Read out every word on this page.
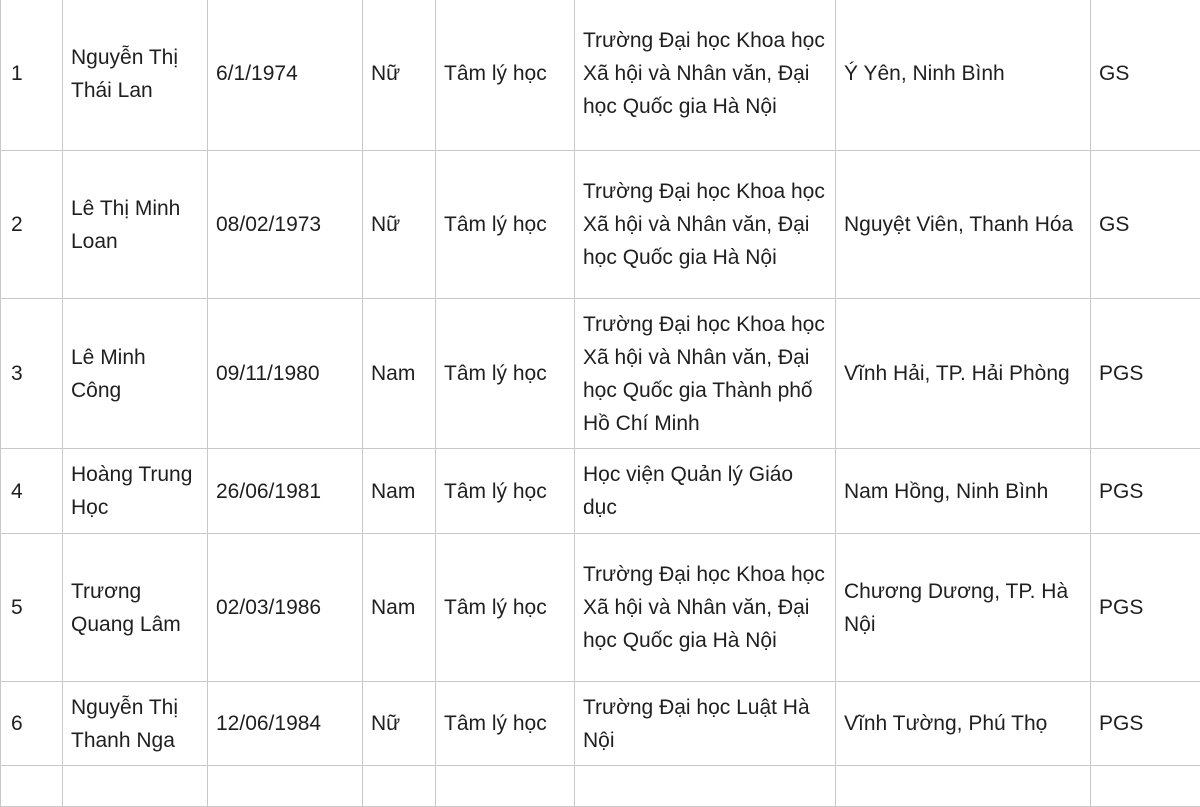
1	Nguyễn Thị Thái Lan	6/1/1974	Nữ	Tâm lý học	Trường Đại học Khoa học Xã hội và Nhân văn, Đại học Quốc gia Hà Nội	Ý Yên, Ninh Bình	GS
2	Lê Thị Minh Loan	08/02/1973	Nữ	Tâm lý học	Trường Đại học Khoa học Xã hội và Nhân văn, Đại học Quốc gia Hà Nội	Nguyệt Viên, Thanh Hóa	GS
3	Lê Minh Công	09/11/1980	Nam	Tâm lý học	Trường Đại học Khoa học Xã hội và Nhân văn, Đại học Quốc gia Thành phố Hồ Chí Minh	Vĩnh Hải, TP. Hải Phòng	PGS
4	Hoàng Trung Học	26/06/1981	Nam	Tâm lý học	Học viện Quản lý Giáo dục	Nam Hồng, Ninh Bình	PGS
5	Trương Quang Lâm	02/03/1986	Nam	Tâm lý học	Trường Đại học Khoa học Xã hội và Nhân văn, Đại học Quốc gia Hà Nội	Chương Dương, TP. Hà Nội	PGS
6	Nguyễn Thị Thanh Nga	12/06/1984	Nữ	Tâm lý học	Trường Đại học Luật Hà Nội	Vĩnh Tường, Phú Thọ	PGS
